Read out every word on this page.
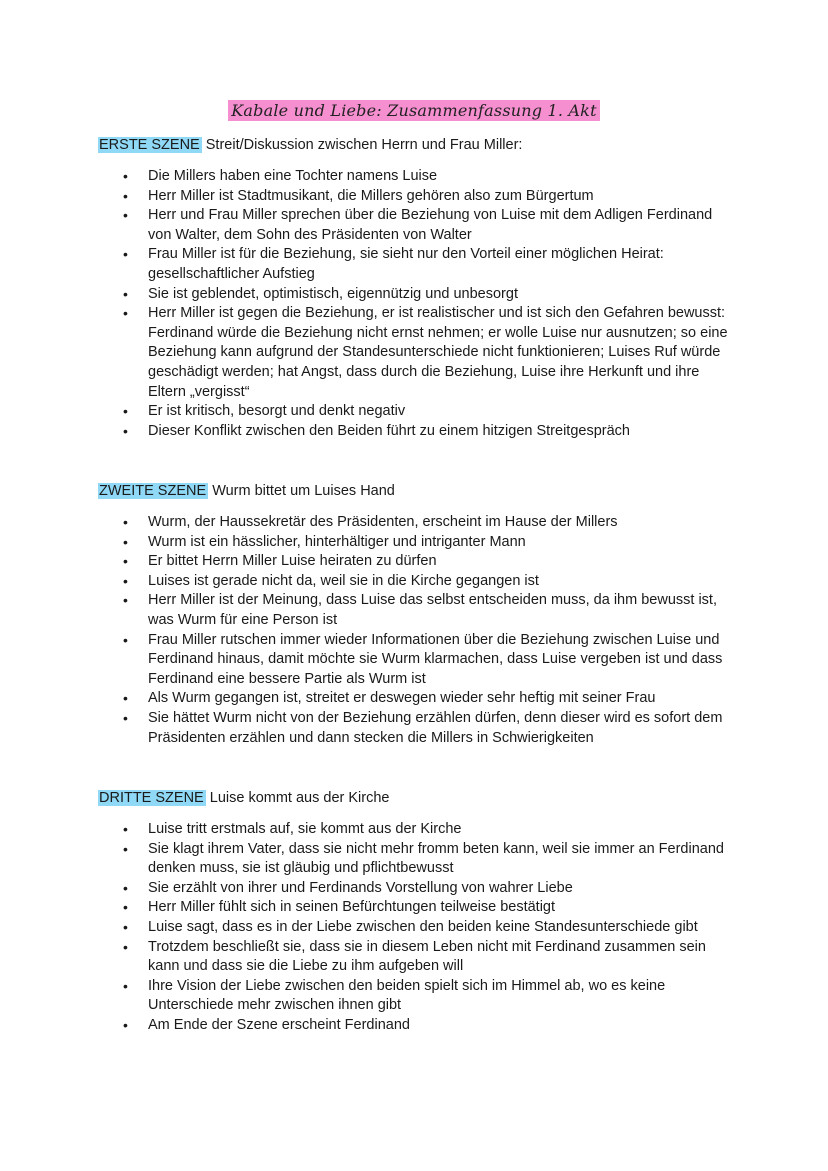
Kabale und Liebe: Zusammenfassung 1. Akt

ERSTE SZENE Streit/Diskussion zwischen Herrn und Frau Miller:

• Die Millers haben eine Tochter namens Luise
• Herr Miller ist Stadtmusikant, die Millers gehören also zum Bürgertum
• Herr und Frau Miller sprechen über die Beziehung von Luise mit dem Adligen Ferdinand von Walter, dem Sohn des Präsidenten von Walter
• Frau Miller ist für die Beziehung, sie sieht nur den Vorteil einer möglichen Heirat: gesellschaftlicher Aufstieg
• Sie ist geblendet, optimistisch, eigennützig und unbesorgt
• Herr Miller ist gegen die Beziehung, er ist realistischer und ist sich den Gefahren bewusst: Ferdinand würde die Beziehung nicht ernst nehmen; er wolle Luise nur ausnutzen; so eine Beziehung kann aufgrund der Standesunterschiede nicht funktionieren; Luises Ruf würde geschädigt werden; hat Angst, dass durch die Beziehung, Luise ihre Herkunft und ihre Eltern „vergisst“
• Er ist kritisch, besorgt und denkt negativ
• Dieser Konflikt zwischen den Beiden führt zu einem hitzigen Streitgespräch

ZWEITE SZENE Wurm bittet um Luises Hand

• Wurm, der Haussekretär des Präsidenten, erscheint im Hause der Millers
• Wurm ist ein hässlicher, hinterhältiger und intriganter Mann
• Er bittet Herrn Miller Luise heiraten zu dürfen
• Luises ist gerade nicht da, weil sie in die Kirche gegangen ist
• Herr Miller ist der Meinung, dass Luise das selbst entscheiden muss, da ihm bewusst ist, was Wurm für eine Person ist
• Frau Miller rutschen immer wieder Informationen über die Beziehung zwischen Luise und Ferdinand hinaus, damit möchte sie Wurm klarmachen, dass Luise vergeben ist und dass Ferdinand eine bessere Partie als Wurm ist
• Als Wurm gegangen ist, streitet er deswegen wieder sehr heftig mit seiner Frau
• Sie hättet Wurm nicht von der Beziehung erzählen dürfen, denn dieser wird es sofort dem Präsidenten erzählen und dann stecken die Millers in Schwierigkeiten

DRITTE SZENE Luise kommt aus der Kirche

• Luise tritt erstmals auf, sie kommt aus der Kirche
• Sie klagt ihrem Vater, dass sie nicht mehr fromm beten kann, weil sie immer an Ferdinand denken muss, sie ist gläubig und pflichtbewusst
• Sie erzählt von ihrer und Ferdinands Vorstellung von wahrer Liebe
• Herr Miller fühlt sich in seinen Befürchtungen teilweise bestätigt
• Luise sagt, dass es in der Liebe zwischen den beiden keine Standesunterschiede gibt
• Trotzdem beschließt sie, dass sie in diesem Leben nicht mit Ferdinand zusammen sein kann und dass sie die Liebe zu ihm aufgeben will
• Ihre Vision der Liebe zwischen den beiden spielt sich im Himmel ab, wo es keine Unterschiede mehr zwischen ihnen gibt
• Am Ende der Szene erscheint Ferdinand
